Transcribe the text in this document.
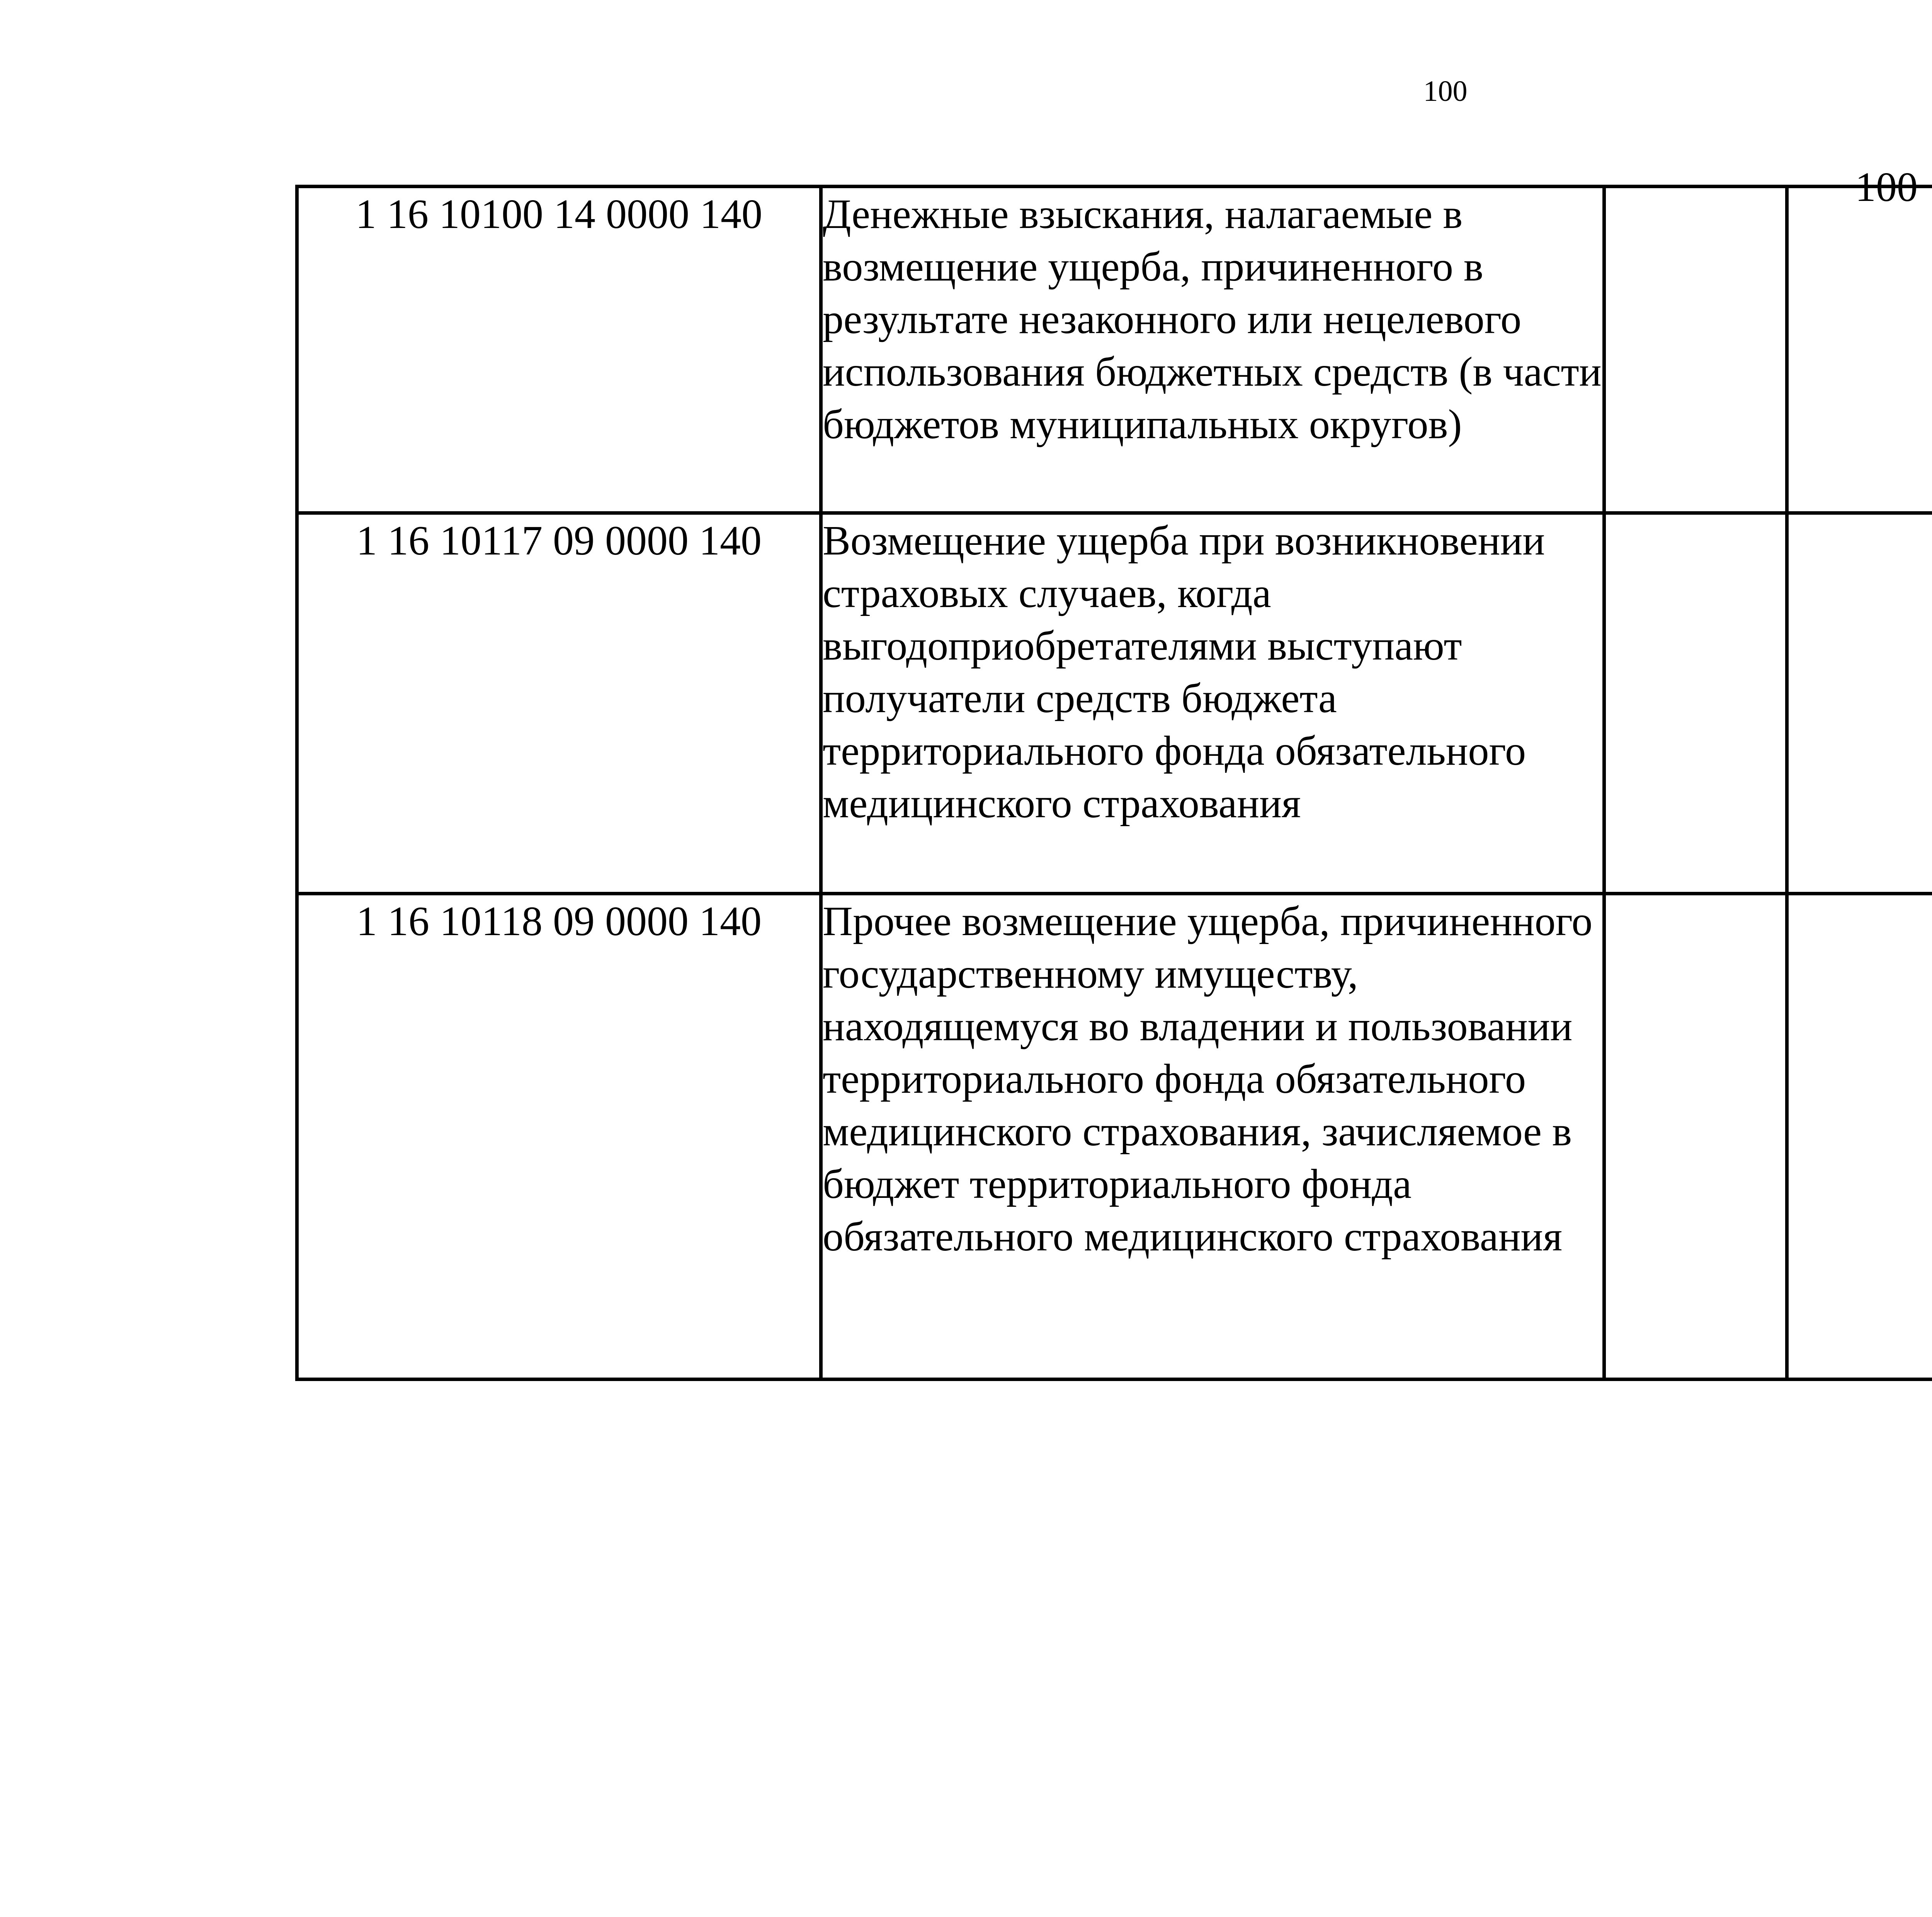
100
1 16 10100 14 0000 140	Денежные взыскания, налагаемые в возмещение ущерба, причиненного в результате незаконного или нецелевого использования бюджетных средств (в части бюджетов муниципальных округов)		100			
1 16 10117 09 0000 140	Возмещение ущерба при возникновении страховых случаев, когда выгодоприобретателями выступают получатели средств бюджета территориального фонда обязательного медицинского страхования					
1 16 10118 09 0000 140	Прочее возмещение ущерба, причиненного государственному имуществу, находящемуся во владении и пользовании территориального фонда обязательного медицинского страхования, зачисляемое в бюджет территориального фонда обязательного медицинского страхования					
